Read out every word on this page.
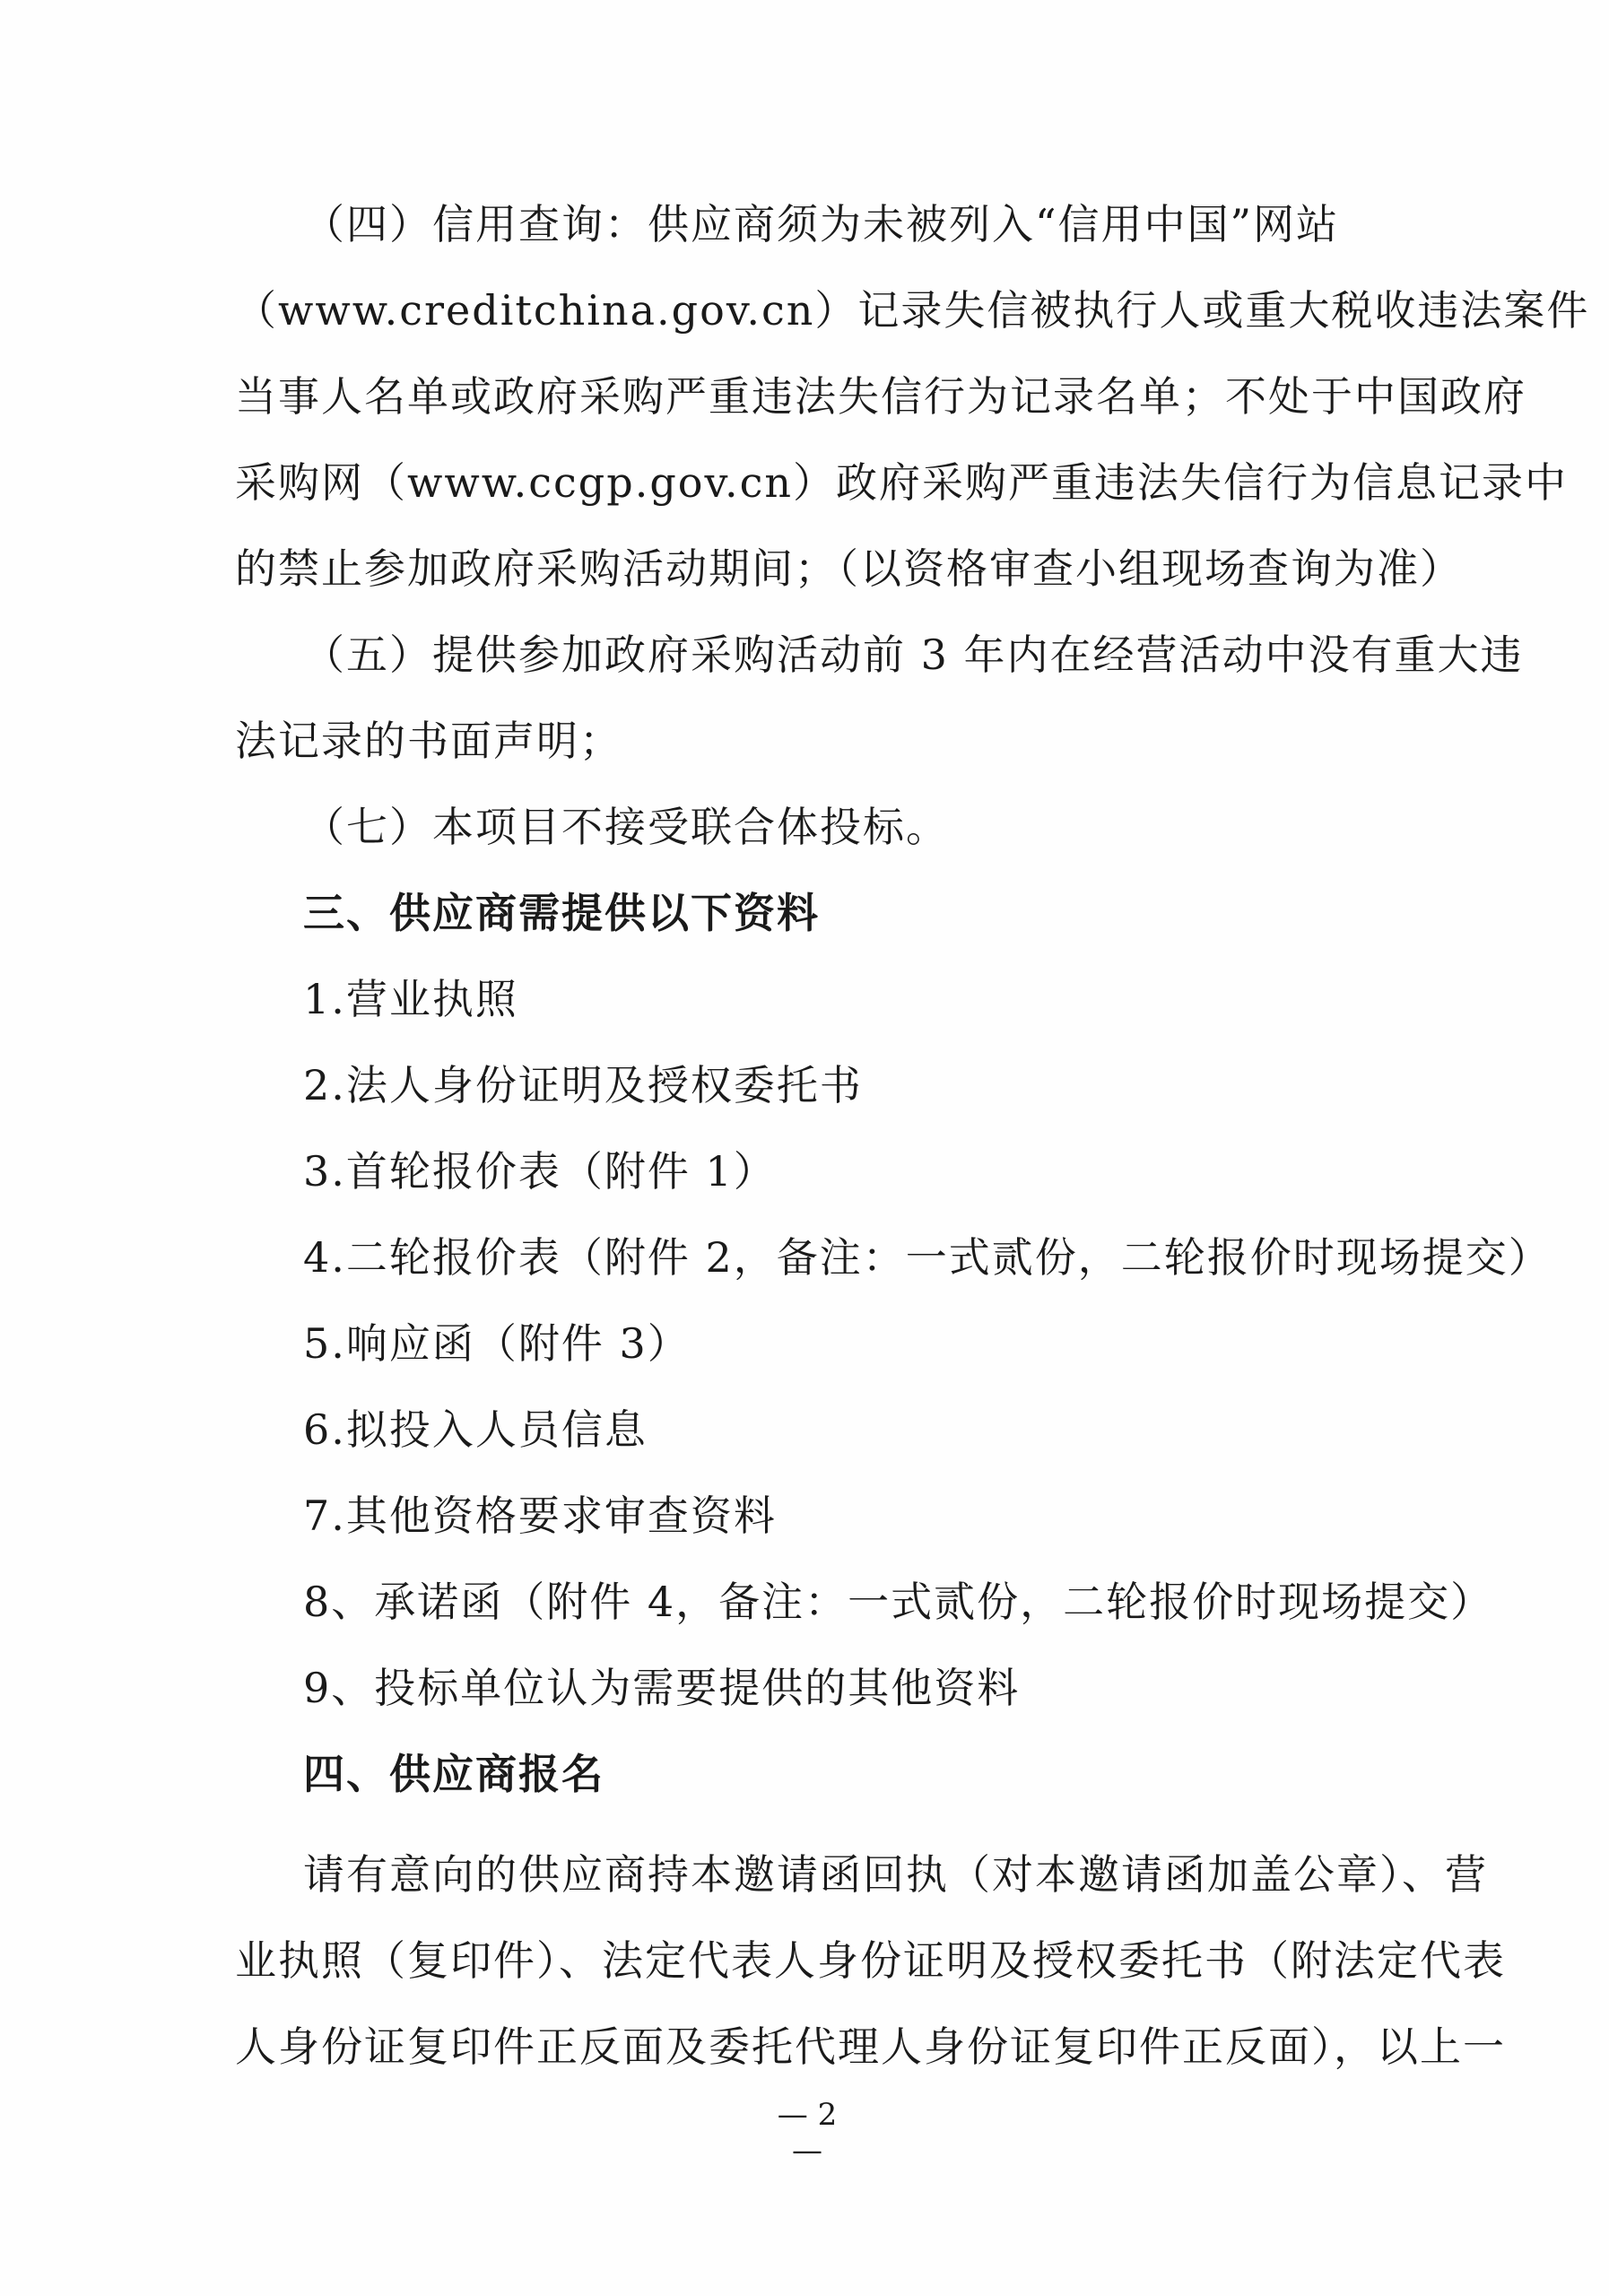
（四）信用查询：供应商须为未被列入“信用中国”网站

（www.creditchina.gov.cn）记录失信被执行人或重大税收违法案件

当事人名单或政府采购严重违法失信行为记录名单；不处于中国政府

采购网（www.ccgp.gov.cn）政府采购严重违法失信行为信息记录中

的禁止参加政府采购活动期间；（以资格审查小组现场查询为准）

（五）提供参加政府采购活动前 3 年内在经营活动中没有重大违

法记录的书面声明；

（七）本项目不接受联合体投标。

三、供应商需提供以下资料

1.营业执照

2.法人身份证明及授权委托书

3.首轮报价表（附件 1）

4.二轮报价表（附件 2，备注：一式贰份，二轮报价时现场提交）

5.响应函（附件 3）

6.拟投入人员信息

7.其他资格要求审查资料

8、承诺函（附件 4，备注：一式贰份，二轮报价时现场提交）

9、投标单位认为需要提供的其他资料

四、供应商报名

请有意向的供应商持本邀请函回执（对本邀请函加盖公章）、营

业执照（复印件）、法定代表人身份证明及授权委托书（附法定代表

人身份证复印件正反面及委托代理人身份证复印件正反面），以上一

— 2 —
